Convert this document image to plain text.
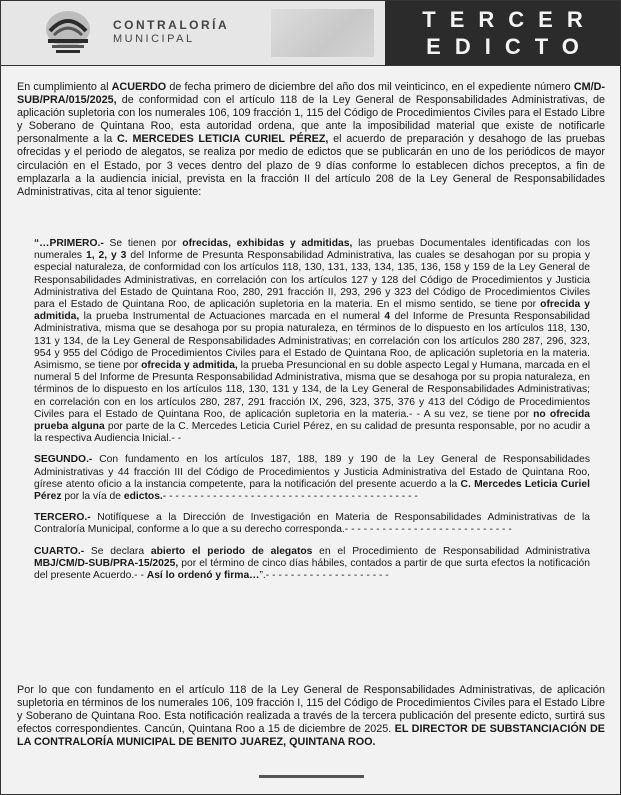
CONTRALORÍA
MUNICIPAL
TERCER
EDICTO

En cumplimiento al ACUERDO de fecha primero de diciembre del año dos mil veinticinco, en el expediente número CM/D-SUB/PRA/015/2025, de conformidad con el artículo 118 de la Ley General de Responsabilidades Administrativas, de aplicación supletoria con los numerales 106, 109 fracción 1, 115 del Código de Procedimientos Civiles para el Estado Libre y Soberano de Quintana Roo, esta autoridad ordena, que ante la imposibilidad material que existe de notificarle personalmente a la C. MERCEDES LETICIA CURIEL PÉREZ, el acuerdo de preparación y desahogo de las pruebas ofrecidas y el periodo de alegatos, se realiza por medio de edictos que se publicarán en uno de los periódicos de mayor circulación en el Estado, por 3 veces dentro del plazo de 9 días conforme lo establecen dichos preceptos, a fin de emplazarla a la audiencia inicial, prevista en la fracción II del artículo 208 de la Ley General de Responsabilidades Administrativas, cita al tenor siguiente:

“…PRIMERO.- Se tienen por ofrecidas, exhibidas y admitidas, las pruebas Documentales identificadas con los numerales 1, 2, y 3 del Informe de Presunta Responsabilidad Administrativa, las cuales se desahogan por su propia y especial naturaleza, de conformidad con los artículos 118, 130, 131, 133, 134, 135, 136, 158 y 159 de la Ley General de Responsabilidades Administrativas, en correlación con los artículos 127 y 128 del Código de Procedimientos y Justicia Administrativa del Estado de Quintana Roo, 280, 291 fracción II, 293, 296 y 323 del Código de Procedimientos Civiles para el Estado de Quintana Roo, de aplicación supletoria en la materia. En el mismo sentido, se tiene por ofrecida y admitida, la prueba Instrumental de Actuaciones marcada en el numeral 4 del Informe de Presunta Responsabilidad Administrativa, misma que se desahoga por su propia naturaleza, en términos de lo dispuesto en los artículos 118, 130, 131 y 134, de la Ley General de Responsabilidades Administrativas; en correlación con los artículos 280 287, 296, 323, 954 y 955 del Código de Procedimientos Civiles para el Estado de Quintana Roo, de aplicación supletoria en la materia. Asimismo, se tiene por ofrecida y admitida, la prueba Presuncional en su doble aspecto Legal y Humana, marcada en el numeral 5 del Informe de Presunta Responsabilidad Administrativa, misma que se desahoga por su propia naturaleza, en términos de lo dispuesto en los artículos 118, 130, 131 y 134, de la Ley General de Responsabilidades Administrativas; en correlación con en los artículos 280, 287, 291 fracción IX, 296, 323, 375, 376 y 413 del Código de Procedimientos Civiles para el Estado de Quintana Roo, de aplicación supletoria en la materia.- - A su vez, se tiene por no ofrecida prueba alguna por parte de la C. Mercedes Leticia Curiel Pérez, en su calidad de presunta responsable, por no acudir a la respectiva Audiencia Inicial.- -

SEGUNDO.- Con fundamento en los artículos 187, 188, 189 y 190 de la Ley General de Responsabilidades Administrativas y 44 fracción III del Código de Procedimientos y Justicia Administrativa del Estado de Quintana Roo, gírese atento oficio a la instancia competente, para la notificación del presente acuerdo a la C. Mercedes Leticia Curiel Pérez por la vía de edictos.- - - - - - - - - - - - - - - - - - - - - - - - - - - - - - - - - - - - - - - - -

TERCERO.- Notifíquese a la Dirección de Investigación en Materia de Responsabilidades Administrativas de la Contraloría Municipal, conforme a lo que a su derecho corresponda.- - - - - - - - - - - - - - - - - - - - - - - - - - -

CUARTO.- Se declara abierto el periodo de alegatos en el Procedimiento de Responsabilidad Administrativa MBJ/CM/D-SUB/PRA-15/2025, por el término de cinco días hábiles, contados a partir de que surta efectos la notificación del presente Acuerdo.- - Así lo ordenó y firma…”.- - - - - - - - - - - - - - - - - - - -

Por lo que con fundamento en el artículo 118 de la Ley General de Responsabilidades Administrativas, de aplicación supletoria en términos de los numerales 106, 109 fracción I, 115 del Código de Procedimientos Civiles para el Estado Libre y Soberano de Quintana Roo. Esta notificación realizada a través de la tercera publicación del presente edicto, surtirá sus efectos correspondientes. Cancún, Quintana Roo a 15 de diciembre de 2025. EL DIRECTOR DE SUBSTANCIACIÓN DE LA CONTRALORÍA MUNICIPAL DE BENITO JUAREZ, QUINTANA ROO.
